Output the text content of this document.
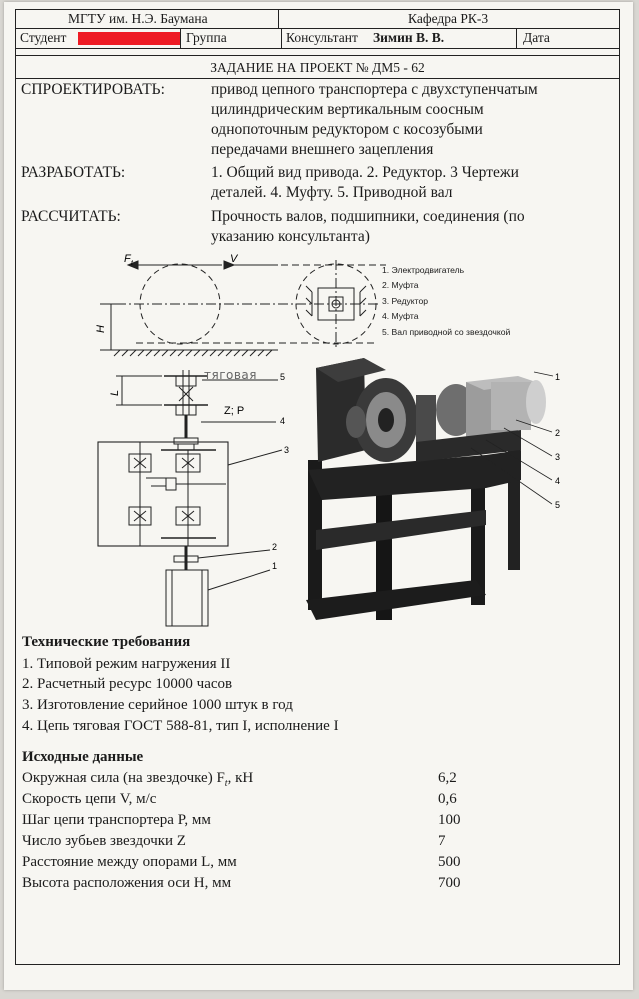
МГТУ им. Н.Э. Баумана	Кафедра РК-3
Студент	Группа	Консультант	Зимин В. В.	Дата
ЗАДАНИЕ НА ПРОЕКТ № ДМ5 - 62
СПРОЕКТИРОВАТЬ:	привод цепного транспортера с двухступенчатым
цилиндрическим вертикальным соосным
однопоточным редуктором с косозубыми
передачами внешнего зацепления
РАЗРАБОТАТЬ:	1. Общий вид привода. 2. Редуктор. 3 Чертежи
деталей. 4. Муфту. 5. Приводной вал
РАССЧИТАТЬ:	Прочность валов, подшипники, соединения (по
указанию консультанта)
F t	V
H
L
Z; P
тяговая	5
4
3
2
1
1
2
3
4
5
1. Электродвигатель
2. Муфта
3. Редуктор
4. Муфта
5. Вал приводной со звездочкой
Технические требования
1. Типовой режим нагружения II
2. Расчетный ресурс 10000 часов
3. Изготовление серийное 1000 штук в год
4. Цепь тяговая ГОСТ 588-81, тип I, исполнение I
Исходные данные
Окружная сила (на звездочке) $F_t$, кН	6,2
Скорость цепи V, м/с	0,6
Шаг цепи транспортера P, мм	100
Число зубьев звездочки Z	7
Расстояние между опорами L, мм	500
Высота расположения оси H, мм	700
